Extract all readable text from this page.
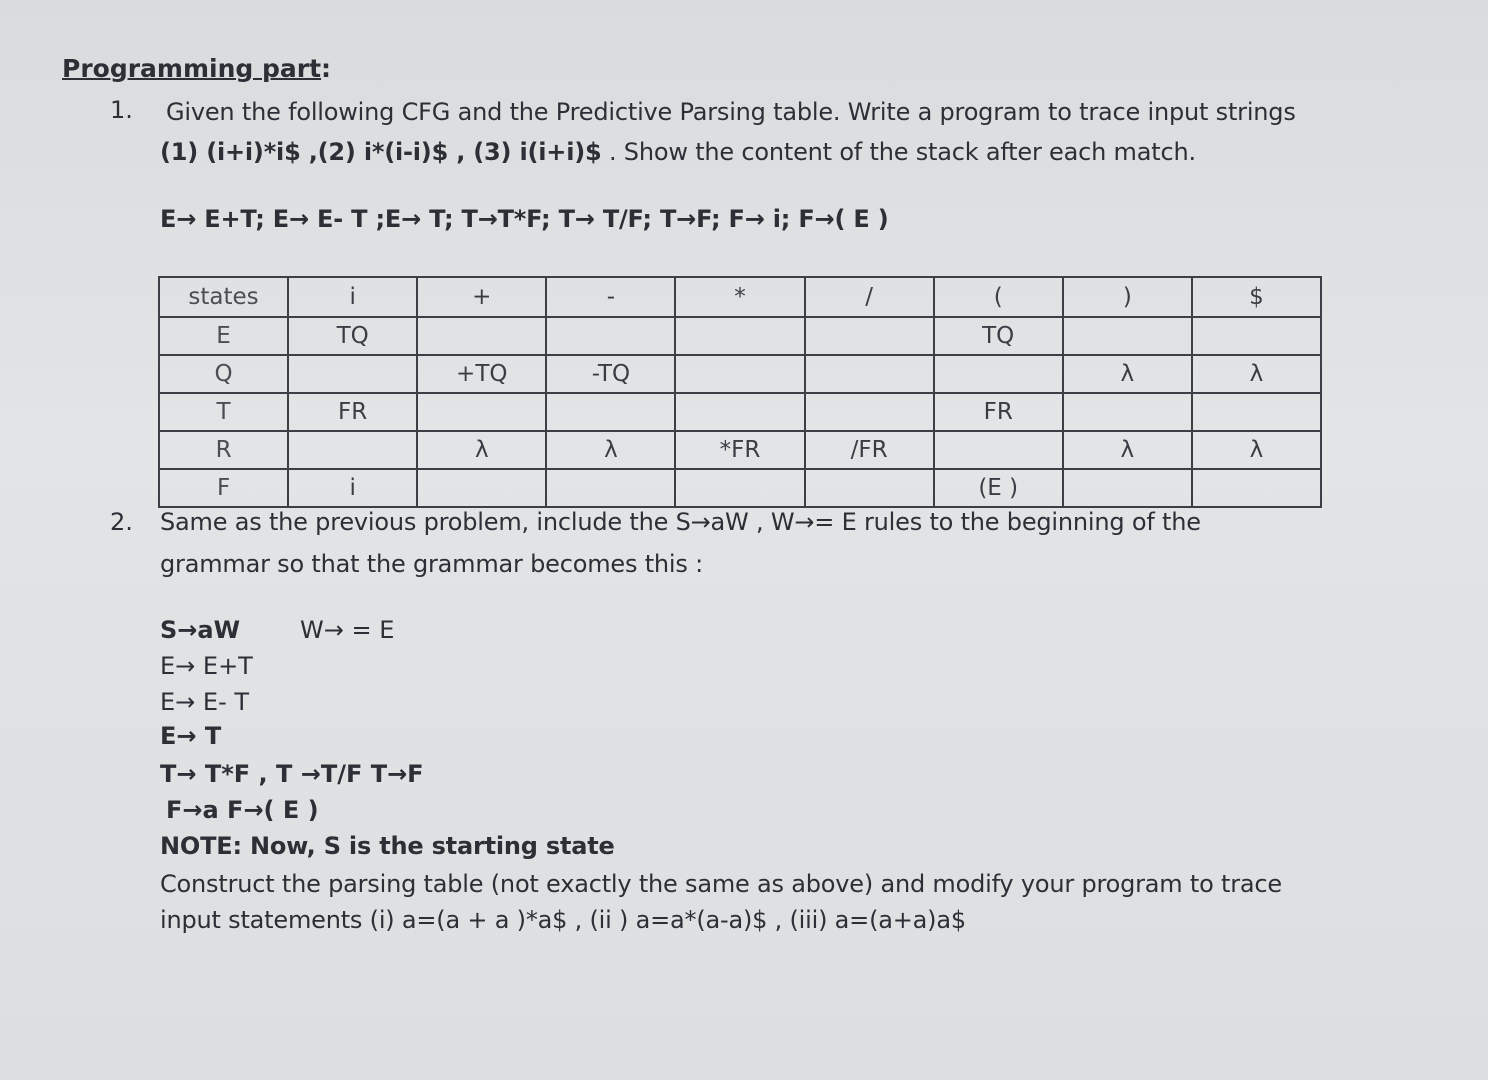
Programming part:
1. Given the following CFG and the Predictive Parsing table. Write a program to trace input strings
(1) (i+i)*i$ ,(2) i*(i-i)$ , (3) i(i+i)$ . Show the content of the stack after each match.
E→ E+T; E→ E- T ;E→ T; T→T*F; T→ T/F; T→F; F→ i; F→( E )
states	i	+	-	*	/	(	)	$
E	TQ					TQ		
Q		+TQ	-TQ				λ	λ
T	FR					FR		
R		λ	λ	*FR	/FR		λ	λ
F	i					(E )		
2. Same as the previous problem, include the S→aW , W→= E rules to the beginning of the
grammar so that the grammar becomes this :
S→aW W→ = E
E→ E+T
E→ E- T
E→ T
T→ T*F , T →T/F T→F
F→a F→( E )
NOTE: Now, S is the starting state
Construct the parsing table (not exactly the same as above) and modify your program to trace
input statements (i) a=(a + a )*a$ , (ii ) a=a*(a-a)$ , (iii) a=(a+a)a$
